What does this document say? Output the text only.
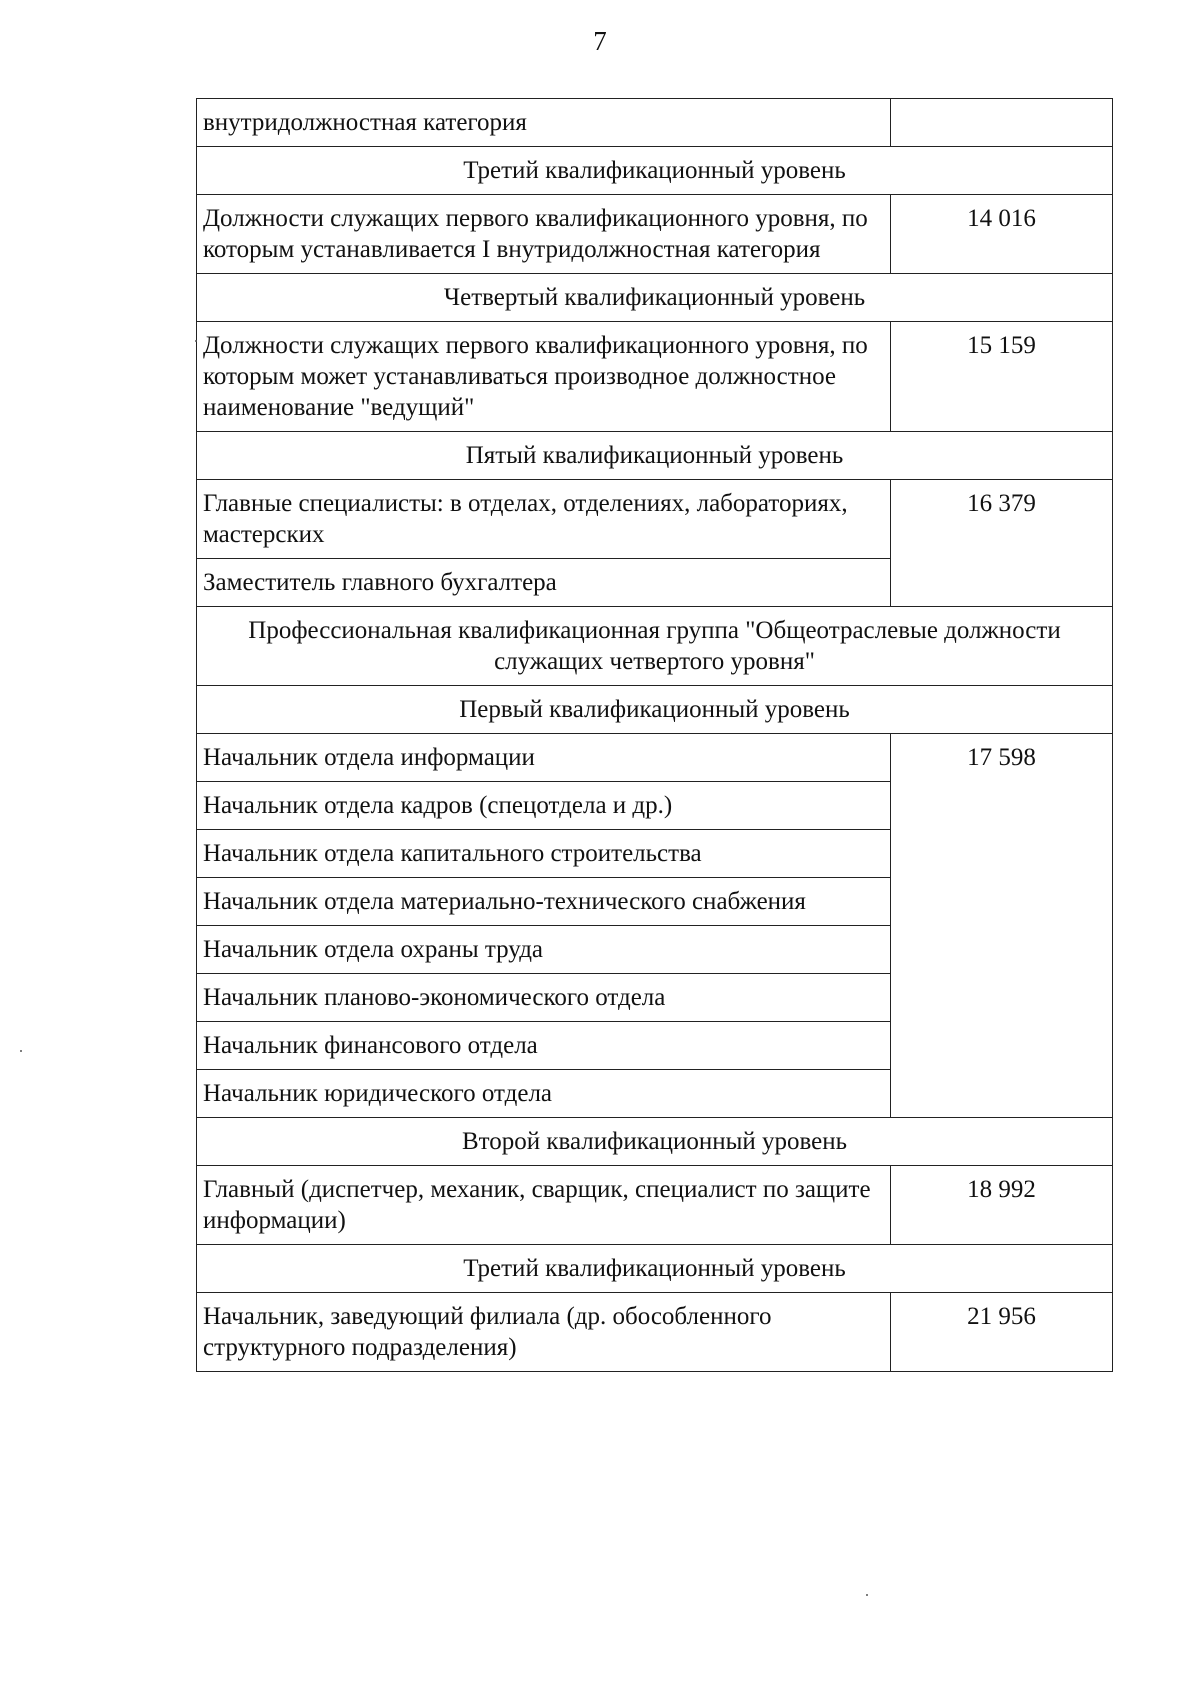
7
внутридолжностная категория	
Третий квалификационный уровень	
Должности служащих первого квалификационного уровня, по которым устанавливается I внутридолжностная категория	14 016
Четвертый квалификационный уровень	
Должности служащих первого квалификационного уровня, по которым может устанавливаться производное должностное наименование "ведущий"	15 159
Пятый квалификационный уровень	
Главные специалисты: в отделах, отделениях, лабораториях, мастерских	16 379
Заместитель главного бухгалтера	
Профессиональная квалификационная группа "Общеотраслевые должности служащих четвертого уровня"	
Первый квалификационный уровень	
Начальник отдела информации	17 598
Начальник отдела кадров (спецотдела и др.)	
Начальник отдела капитального строительства	
Начальник отдела материально-технического снабжения	
Начальник отдела охраны труда	
Начальник планово-экономического отдела	
Начальник финансового отдела	
Начальник юридического отдела	
Второй квалификационный уровень	
Главный (диспетчер, механик, сварщик, специалист по защите информации)	18 992
Третий квалификационный уровень	
Начальник, заведующий филиала (др. обособленного структурного подразделения)	21 956
